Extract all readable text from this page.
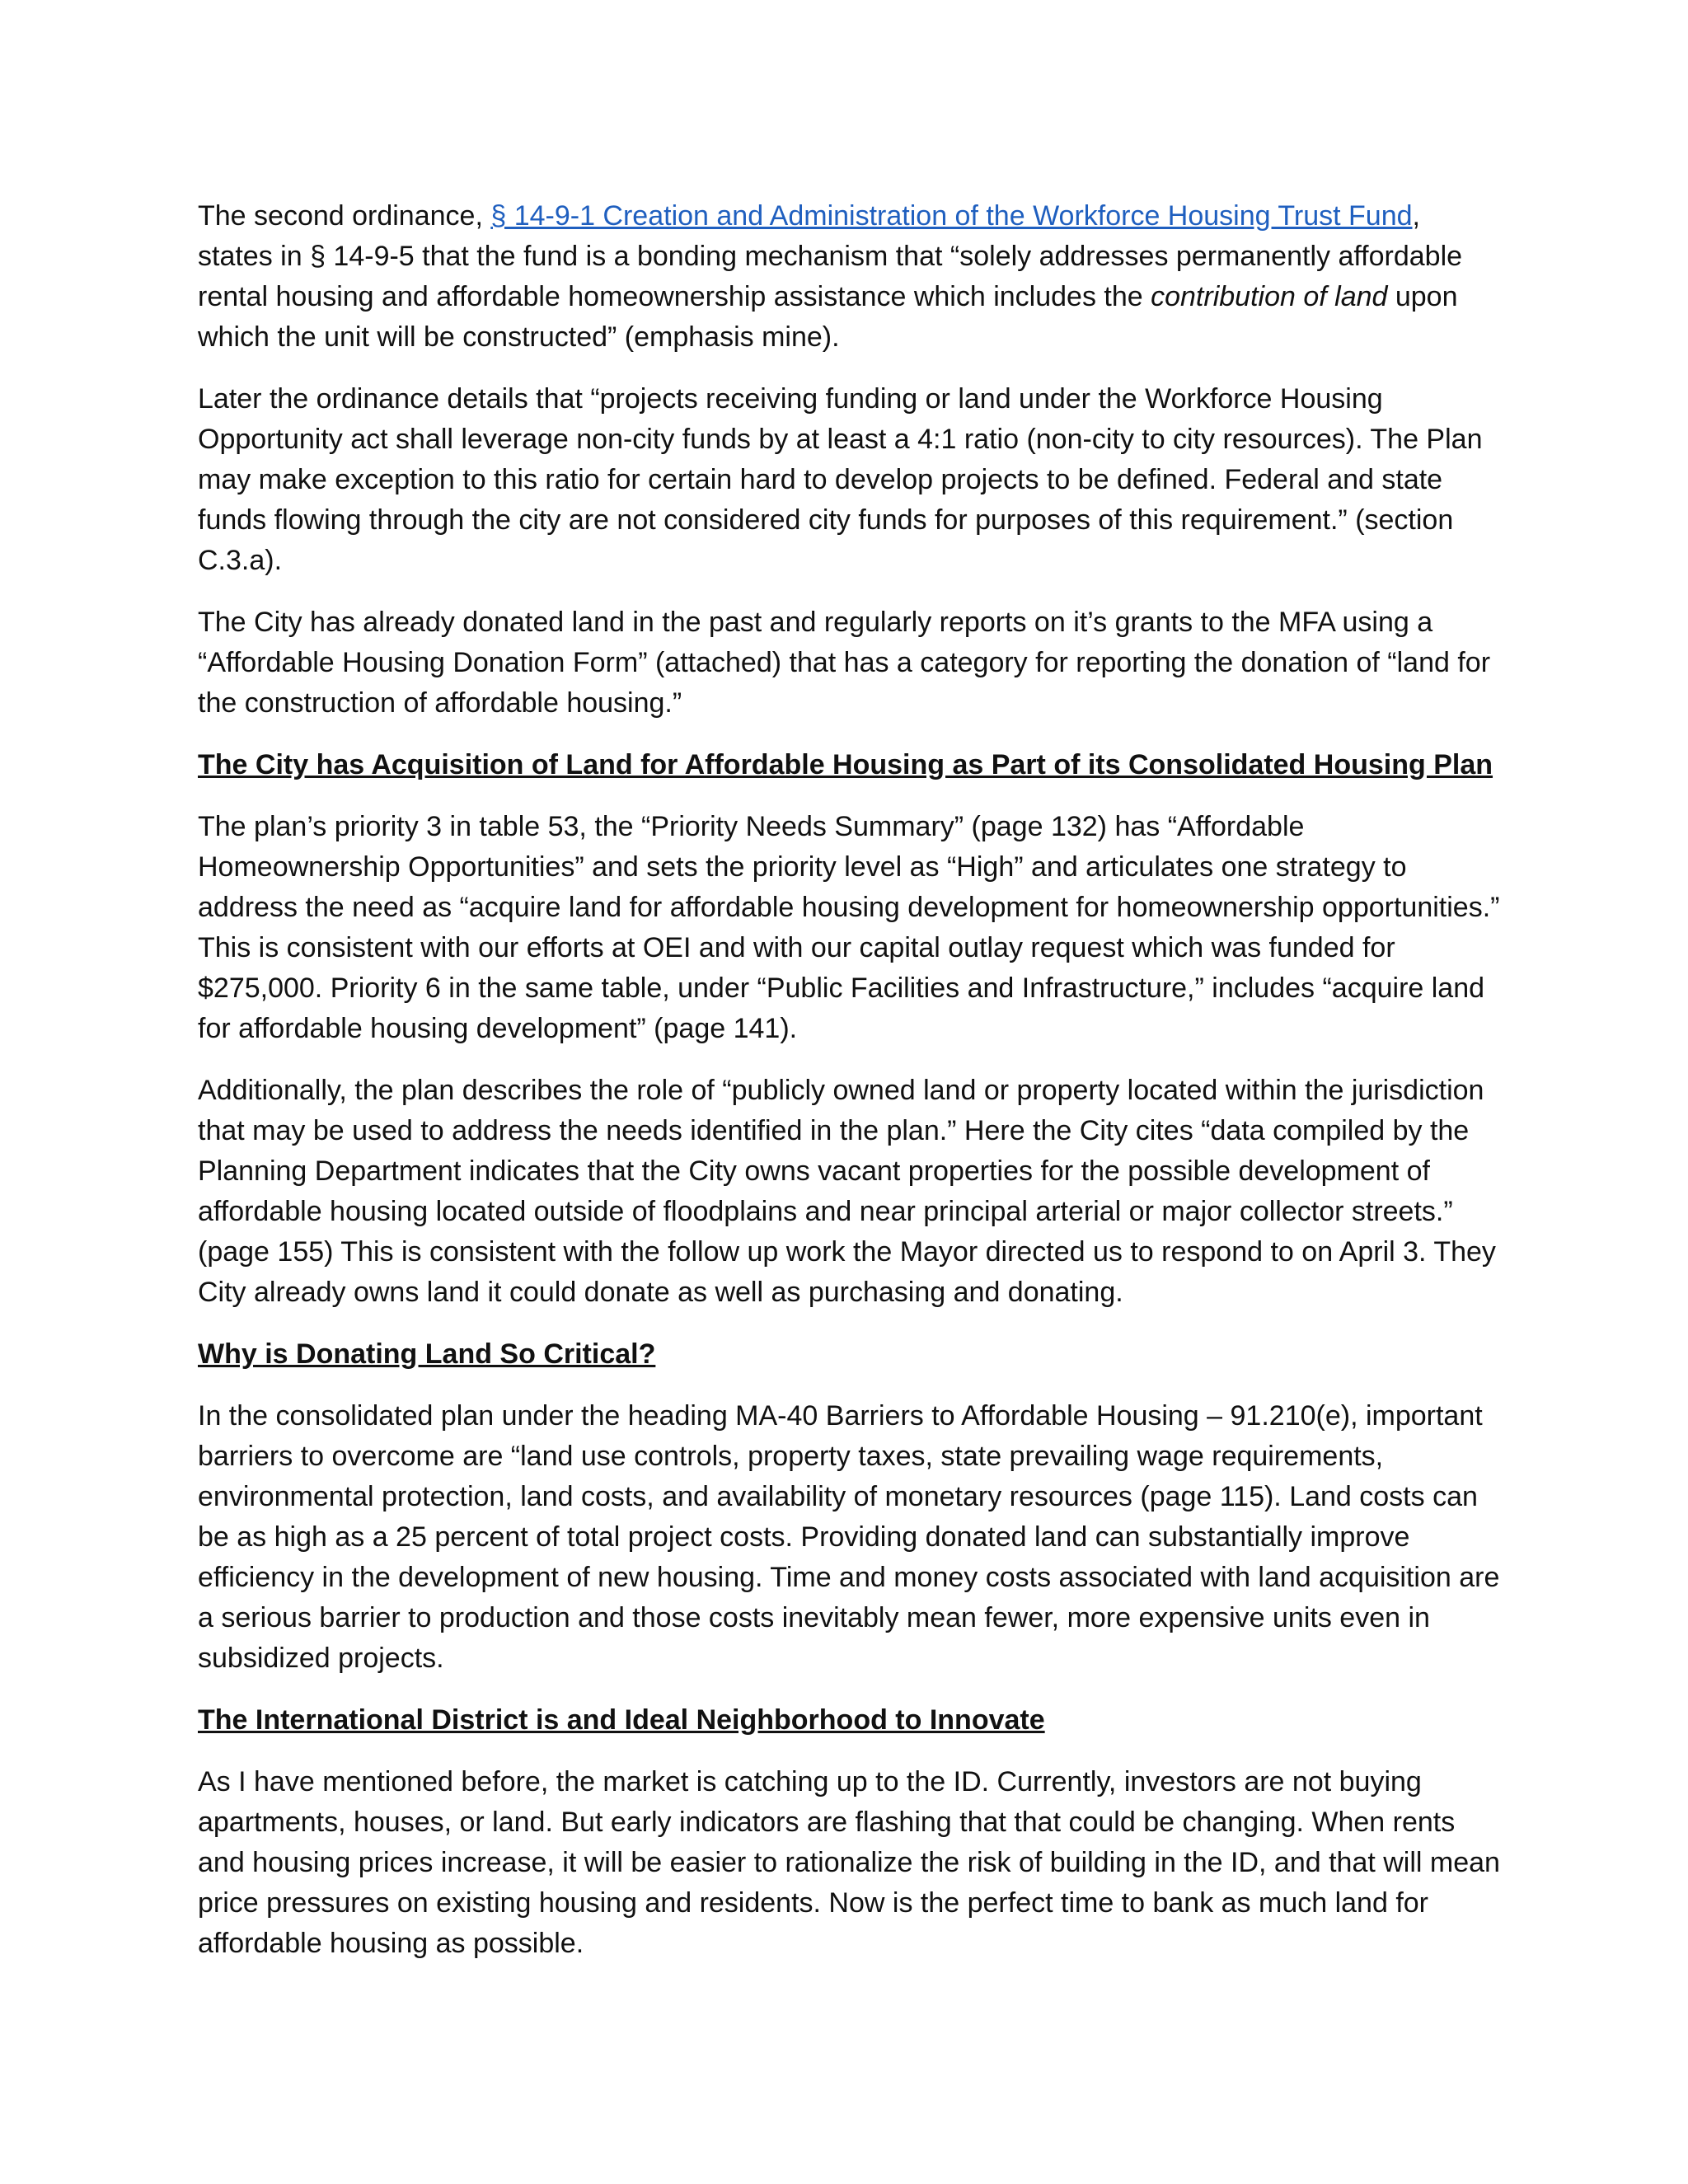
The second ordinance, § 14-9-1 Creation and Administration of the Workforce Housing Trust Fund, states in § 14-9-5 that the fund is a bonding mechanism that “solely addresses permanently affordable rental housing and affordable homeownership assistance which includes the contribution of land upon which the unit will be constructed” (emphasis mine).

Later the ordinance details that “projects receiving funding or land under the Workforce Housing Opportunity act shall leverage non-city funds by at least a 4:1 ratio (non-city to city resources). The Plan may make exception to this ratio for certain hard to develop projects to be defined. Federal and state funds flowing through the city are not considered city funds for purposes of this requirement.” (section C.3.a).

The City has already donated land in the past and regularly reports on it’s grants to the MFA using a “Affordable Housing Donation Form” (attached) that has a category for reporting the donation of “land for the construction of affordable housing.”

The City has Acquisition of Land for Affordable Housing as Part of its Consolidated Housing Plan

The plan’s priority 3 in table 53, the “Priority Needs Summary” (page 132) has “Affordable Homeownership Opportunities” and sets the priority level as “High” and articulates one strategy to address the need as “acquire land for affordable housing development for homeownership opportunities.” This is consistent with our efforts at OEI and with our capital outlay request which was funded for $275,000. Priority 6 in the same table, under “Public Facilities and Infrastructure,” includes “acquire land for affordable housing development” (page 141).

Additionally, the plan describes the role of “publicly owned land or property located within the jurisdiction that may be used to address the needs identified in the plan.” Here the City cites “data compiled by the Planning Department indicates that the City owns vacant properties for the possible development of affordable housing located outside of floodplains and near principal arterial or major collector streets.” (page 155) This is consistent with the follow up work the Mayor directed us to respond to on April 3. They City already owns land it could donate as well as purchasing and donating.

Why is Donating Land So Critical?

In the consolidated plan under the heading MA-40 Barriers to Affordable Housing – 91.210(e), important barriers to overcome are “land use controls, property taxes, state prevailing wage requirements, environmental protection, land costs, and availability of monetary resources (page 115). Land costs can be as high as a 25 percent of total project costs. Providing donated land can substantially improve efficiency in the development of new housing. Time and money costs associated with land acquisition are a serious barrier to production and those costs inevitably mean fewer, more expensive units even in subsidized projects.

The International District is and Ideal Neighborhood to Innovate

As I have mentioned before, the market is catching up to the ID. Currently, investors are not buying apartments, houses, or land. But early indicators are flashing that that could be changing. When rents and housing prices increase, it will be easier to rationalize the risk of building in the ID, and that will mean price pressures on existing housing and residents. Now is the perfect time to bank as much land for affordable housing as possible.
